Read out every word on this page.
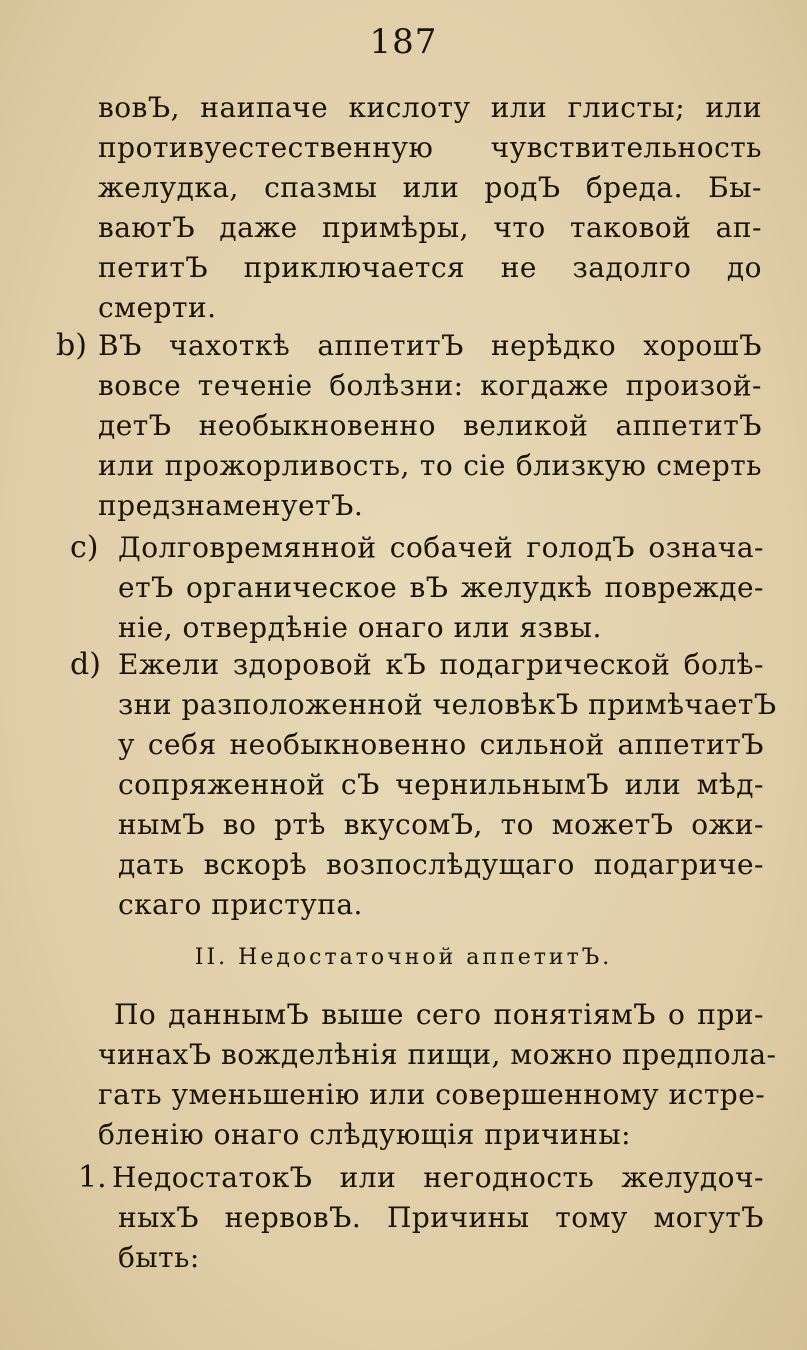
187
вовЪ, наипаче кислоту или глисты; или
противуестественную чувствительность
желудка, спазмы или родЪ бреда. Бы-
ваютЪ даже примѣры, что таковой ап-
петитЪ приключается не задолго до
смерти.
b) ВЪ чахоткѣ аппетитЪ нерѣдко хорошЪ
вовсе теченіе болѣзни: когдаже произой-
детЪ необыкновенно великой аппетитЪ
или прожорливость, то сіе близкую смерть
предзнаменуетЪ.
c) Долговремянной собачей голодЪ означа-
етЪ органическое вЪ желудкѣ поврежде-
ніе, отвердѣніе онаго или язвы.
d) Ежели здоровой кЪ подагрической болѣ-
зни разположенной человѣкЪ примѣчаетЪ
у себя необыкновенно сильной аппетитЪ
сопряженной сЪ чернильнымЪ или мѣд-
нымЪ во ртѣ вкусомЪ, то можетЪ ожи-
дать вскорѣ возпослѣдущаго подагриче-
скаго приступа.
II. Недостаточной аппетитЪ.
По даннымЪ выше сего понятіямЪ о при-
чинахЪ вожделѣнія пищи, можно предпола-
гать уменьшенію или совершенному истре-
бленію онаго слѣдующія причины:
1. НедостатокЪ или негодность желудоч-
ныхЪ нервовЪ. Причины тому могутЪ
быть:
